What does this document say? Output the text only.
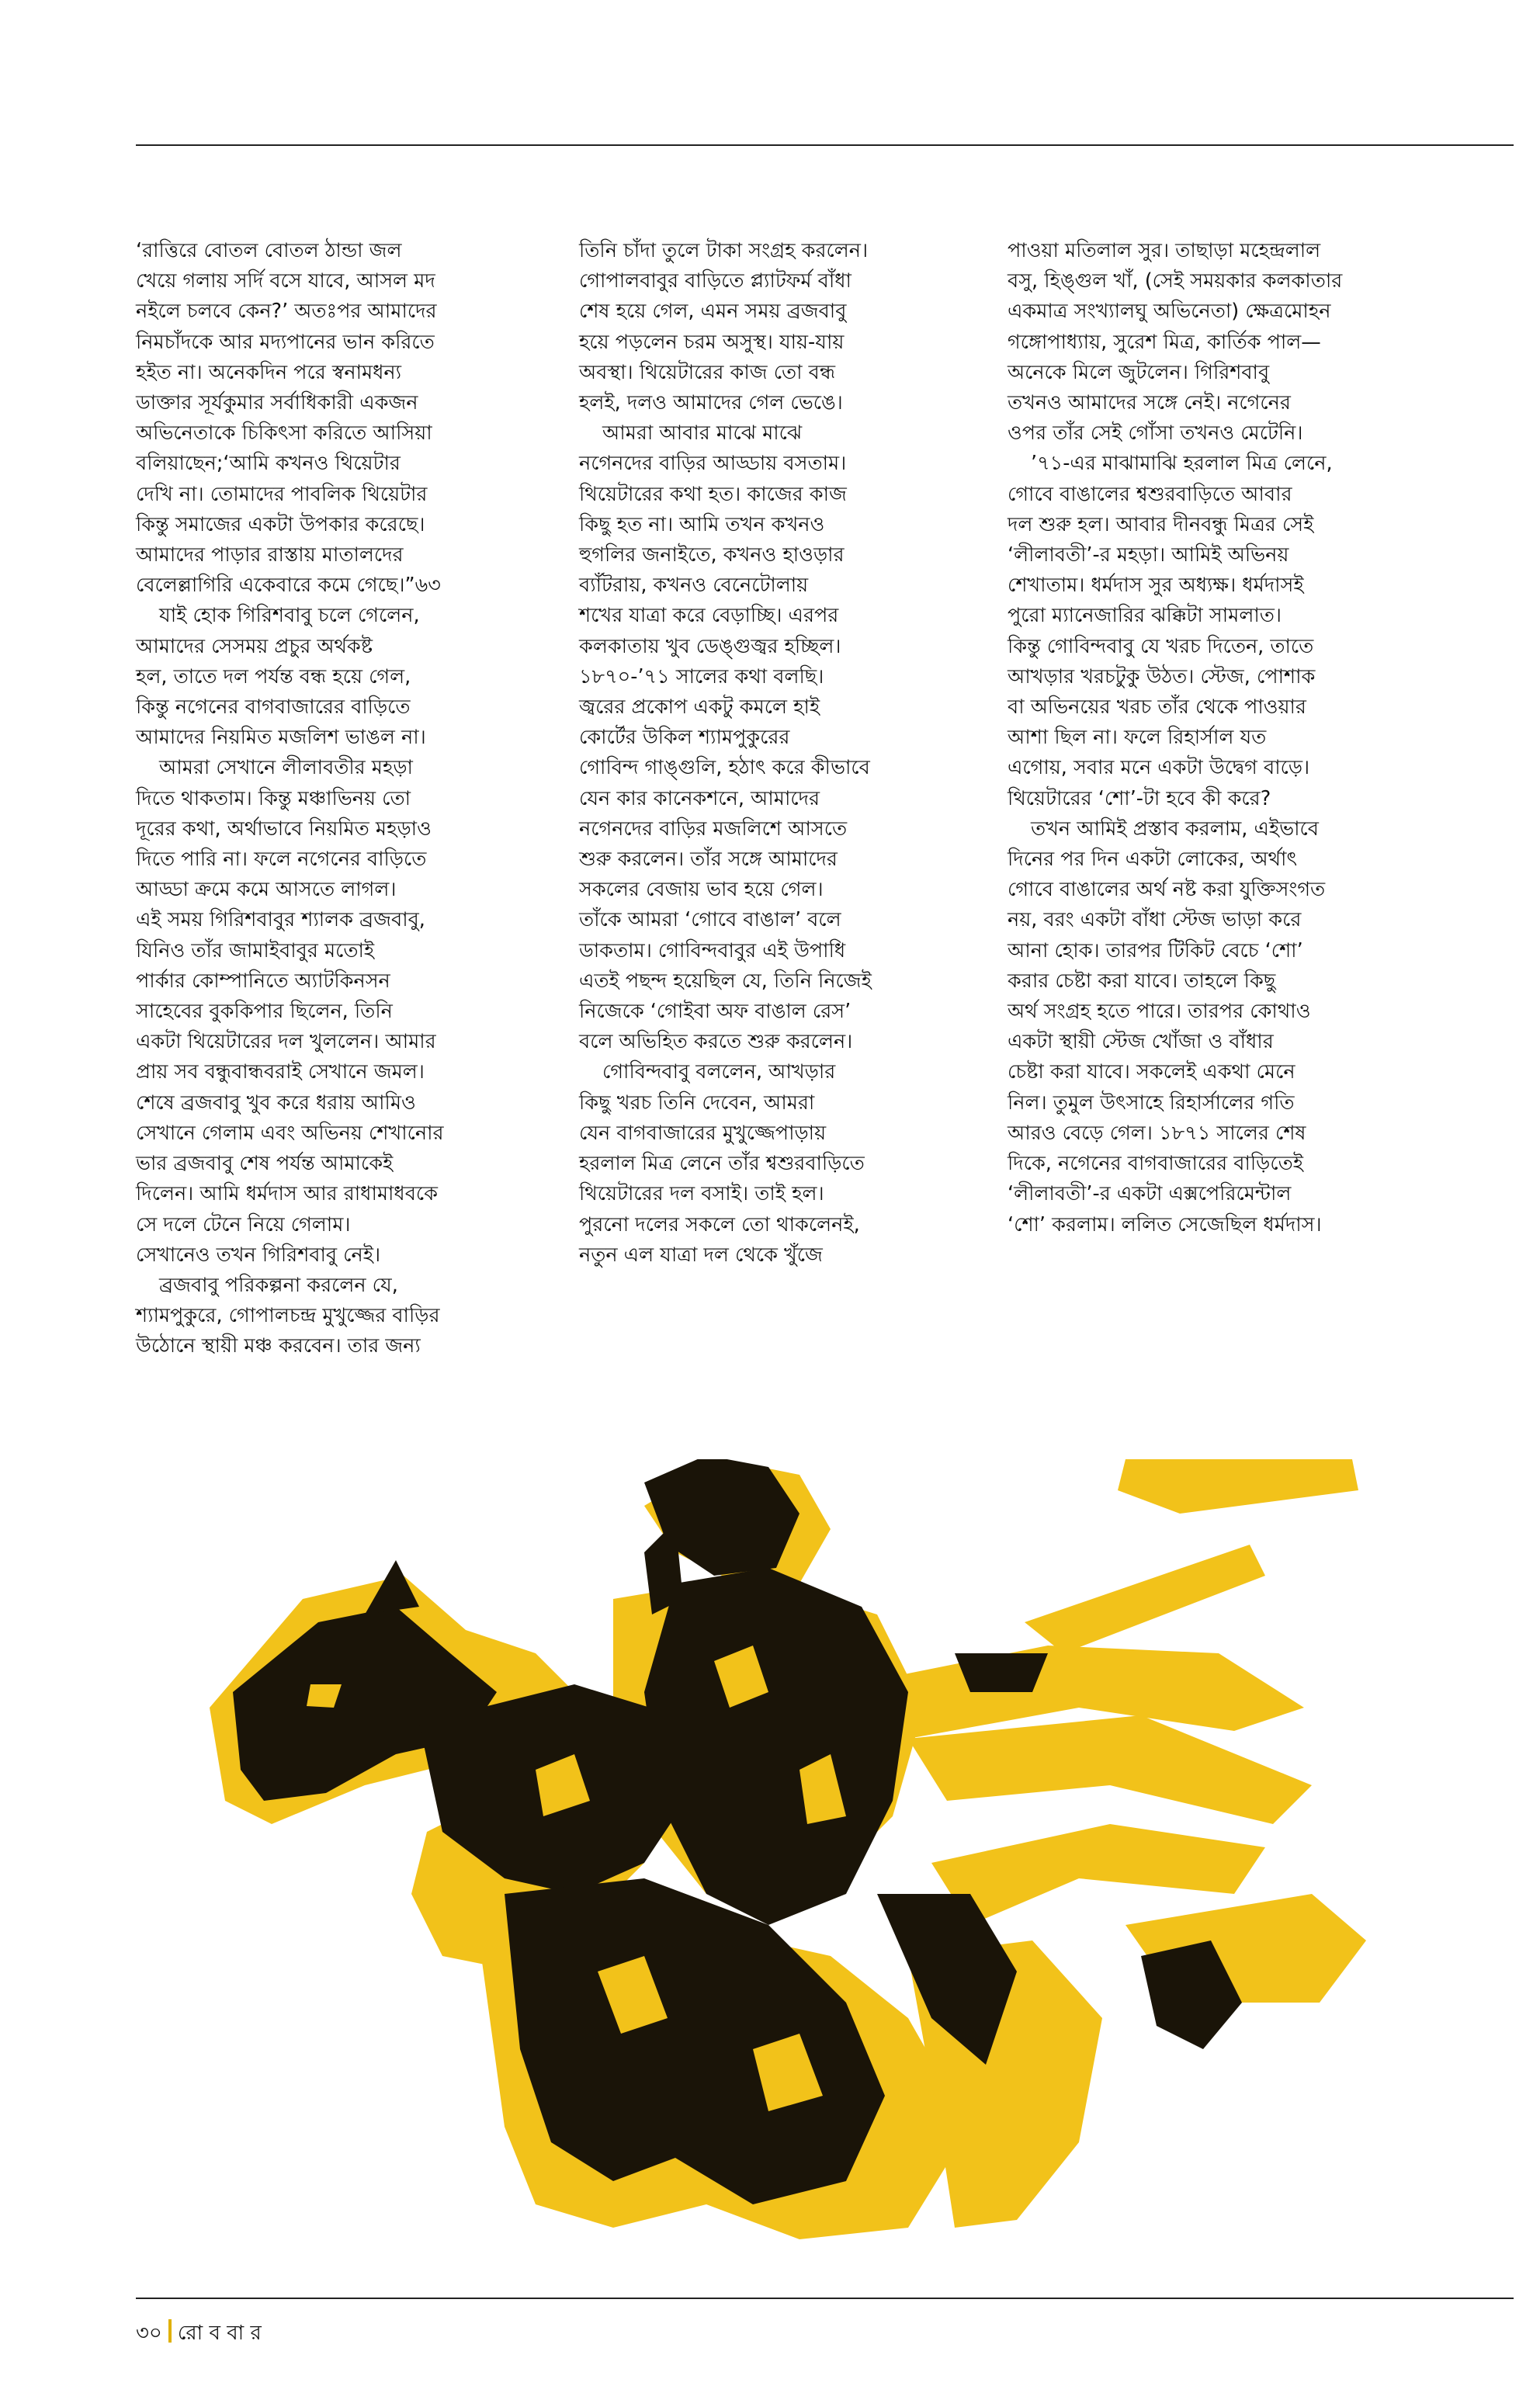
‘রাত্তিরে বোতল বোতল ঠান্ডা জল

খেয়ে গলায় সর্দি বসে যাবে, আসল মদ

নইলে চলবে কেন?’ অতঃপর আমাদের

নিমচাঁদকে আর মদ্যপানের ভান করিতে

হইত না। অনেকদিন পরে স্বনামধন্য

ডাক্তার সূর্যকুমার সর্বাধিকারী একজন

অভিনেতাকে চিকিৎসা করিতে আসিয়া

বলিয়াছেন;‘আমি কখনও থিয়েটার

দেখি না। তোমাদের পাবলিক থিয়েটার

কিন্তু সমাজের একটা উপকার করেছে।

আমাদের পাড়ার রাস্তায় মাতালদের

বেলেল্লাগিরি একেবারে কমে গেছে।”৬৩

যাই হোক গিরিশবাবু চলে গেলেন,

আমাদের সেসময় প্রচুর অর্থকষ্ট

হল, তাতে দল পর্যন্ত বন্ধ হয়ে গেল,

কিন্তু নগেনের বাগবাজারের বাড়িতে

আমাদের নিয়মিত মজলিশ ভাঙল না।

আমরা সেখানে লীলাবতীর মহড়া

দিতে থাকতাম। কিন্তু মঞ্চাভিনয় তো

দূরের কথা, অর্থাভাবে নিয়মিত মহড়াও

দিতে পারি না। ফলে নগেনের বাড়িতে

আড্ডা ক্রমে কমে আসতে লাগল।

এই সময় গিরিশবাবুর শ্যালক ব্রজবাবু,

যিনিও তাঁর জামাইবাবুর মতোই

পার্কার কোম্পানিতে অ্যাটকিনসন

সাহেবের বুককিপার ছিলেন, তিনি

একটা থিয়েটারের দল খুললেন। আমার

প্রায় সব বন্ধুবান্ধবরাই সেখানে জমল।

শেষে ব্রজবাবু খুব করে ধরায় আমিও

সেখানে গেলাম এবং অভিনয় শেখানোর

ভার ব্রজবাবু শেষ পর্যন্ত আমাকেই

দিলেন। আমি ধর্মদাস আর রাধামাধবকে

সে দলে টেনে নিয়ে গেলাম।

সেখানেও তখন গিরিশবাবু নেই।

ব্রজবাবু পরিকল্পনা করলেন যে,

শ্যামপুকুরে, গোপালচন্দ্র মুখুজ্জের বাড়ির

উঠোনে স্থায়ী মঞ্চ করবেন। তার জন্য

তিনি চাঁদা তুলে টাকা সংগ্রহ করলেন।

গোপালবাবুর বাড়িতে প্ল্যাটফর্ম বাঁধা

শেষ হয়ে গেল, এমন সময় ব্রজবাবু

হয়ে পড়লেন চরম অসুস্থ। যায়-যায়

অবস্থা। থিয়েটারের কাজ তো বন্ধ

হলই, দলও আমাদের গেল ভেঙে।

আমরা আবার মাঝে মাঝে

নগেনদের বাড়ির আড্ডায় বসতাম।

থিয়েটারের কথা হত। কাজের কাজ

কিছু হত না। আমি তখন কখনও

হুগলির জনাইতে, কখনও হাওড়ার

ব্যাঁটরায়, কখনও বেনেটোলায়

শখের যাত্রা করে বেড়াচ্ছি। এরপর

কলকাতায় খুব ডেঙ্গুজ্বর হচ্ছিল।

১৮৭০-’৭১ সালের কথা বলছি।

জ্বরের প্রকোপ একটু কমলে হাই

কোর্টের উকিল শ্যামপুকুরের

গোবিন্দ গাঙ্গুলি, হঠাৎ করে কীভাবে

যেন কার কানেকশনে, আমাদের

নগেনদের বাড়ির মজলিশে আসতে

শুরু করলেন। তাঁর সঙ্গে আমাদের

সকলের বেজায় ভাব হয়ে গেল।

তাঁকে আমরা ‘গোবে বাঙাল’ বলে

ডাকতাম। গোবিন্দবাবুর এই উপাধি

এতই পছন্দ হয়েছিল যে, তিনি নিজেই

নিজেকে ‘গোইবা অফ বাঙাল রেস’

বলে অভিহিত করতে শুরু করলেন।

গোবিন্দবাবু বললেন, আখড়ার

কিছু খরচ তিনি দেবেন, আমরা

যেন বাগবাজারের মুখুজ্জেপাড়ায়

হরলাল মিত্র লেনে তাঁর শ্বশুরবাড়িতে

থিয়েটারের দল বসাই। তাই হল।

পুরনো দলের সকলে তো থাকলেনই,

নতুন এল যাত্রা দল থেকে খুঁজে

পাওয়া মতিলাল সুর। তাছাড়া মহেন্দ্রলাল

বসু, হিঙ্গুল খাঁ, (সেই সময়কার কলকাতার

একমাত্র সংখ্যালঘু অভিনেতা) ক্ষেত্রমোহন

গঙ্গোপাধ্যায়, সুরেশ মিত্র, কার্তিক পাল—

অনেকে মিলে জুটলেন। গিরিশবাবু

তখনও আমাদের সঙ্গে নেই। নগেনের

ওপর তাঁর সেই গোঁসা তখনও মেটেনি।

’৭১-এর মাঝামাঝি হরলাল মিত্র লেনে,

গোবে বাঙালের শ্বশুরবাড়িতে আবার

দল শুরু হল। আবার দীনবন্ধু মিত্রর সেই

‘লীলাবতী’-র মহড়া। আমিই অভিনয়

শেখাতাম। ধর্মদাস সুর অধ্যক্ষ। ধর্মদাসই

পুরো ম্যানেজারির ঝক্কিটা সামলাত।

কিন্তু গোবিন্দবাবু যে খরচ দিতেন, তাতে

আখড়ার খরচটুকু উঠত। স্টেজ, পোশাক

বা অভিনয়ের খরচ তাঁর থেকে পাওয়ার

আশা ছিল না। ফলে রিহার্সাল যত

এগোয়, সবার মনে একটা উদ্বেগ বাড়ে।

থিয়েটারের ‘শো’-টা হবে কী করে?

তখন আমিই প্রস্তাব করলাম, এইভাবে

দিনের পর দিন একটা লোকের, অর্থাৎ

গোবে বাঙালের অর্থ নষ্ট করা যুক্তিসংগত

নয়, বরং একটা বাঁধা স্টেজ ভাড়া করে

আনা হোক। তারপর টিকিট বেচে ‘শো’

করার চেষ্টা করা যাবে। তাহলে কিছু

অর্থ সংগ্রহ হতে পারে। তারপর কোথাও

একটা স্থায়ী স্টেজ খোঁজা ও বাঁধার

চেষ্টা করা যাবে। সকলেই একথা মেনে

নিল। তুমুল উৎসাহে রিহার্সালের গতি

আরও বেড়ে গেল। ১৮৭১ সালের শেষ

দিকে, নগেনের বাগবাজারের বাড়িতেই

‘লীলাবতী’-র একটা এক্সপেরিমেন্টাল

‘শো’ করলাম। ললিত সেজেছিল ধর্মদাস।

৩০ রো ব বা র
